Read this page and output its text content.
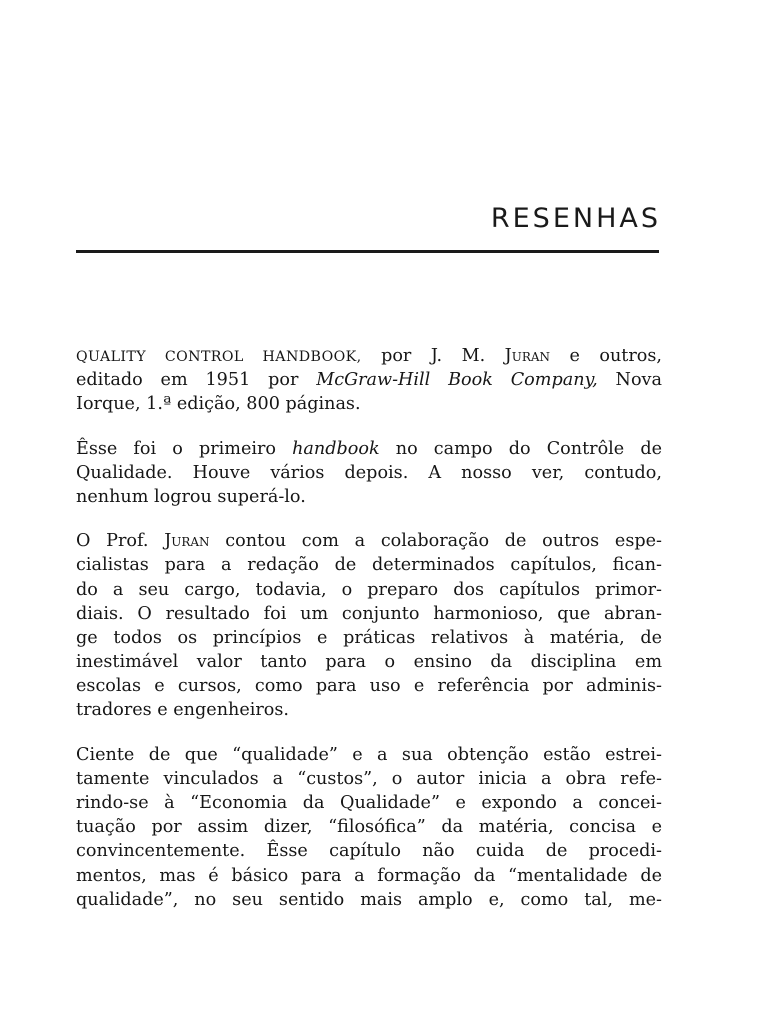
RESENHAS
QUALITY CONTROL HANDBOOK, por J. M. Juran e outros,
editado em 1951 por McGraw-Hill Book Company, Nova
Iorque, 1.ª edição, 800 páginas.
Êsse foi o primeiro handbook no campo do Contrôle de
Qualidade. Houve vários depois. A nosso ver, contudo,
nenhum logrou superá-lo.
O Prof. Juran contou com a colaboração de outros espe-
cialistas para a redação de determinados capítulos, fican-
do a seu cargo, todavia, o preparo dos capítulos primor-
diais. O resultado foi um conjunto harmonioso, que abran-
ge todos os princípios e práticas relativos à matéria, de
inestimável valor tanto para o ensino da disciplina em
escolas e cursos, como para uso e referência por adminis-
tradores e engenheiros.
Ciente de que “qualidade” e a sua obtenção estão estrei-
tamente vinculados a “custos”, o autor inicia a obra refe-
rindo-se à “Economia da Qualidade” e expondo a concei-
tuação por assim dizer, “filosófica” da matéria, concisa e
convincentemente. Êsse capítulo não cuida de procedi-
mentos, mas é básico para a formação da “mentalidade de
qualidade”, no seu sentido mais amplo e, como tal, me-
